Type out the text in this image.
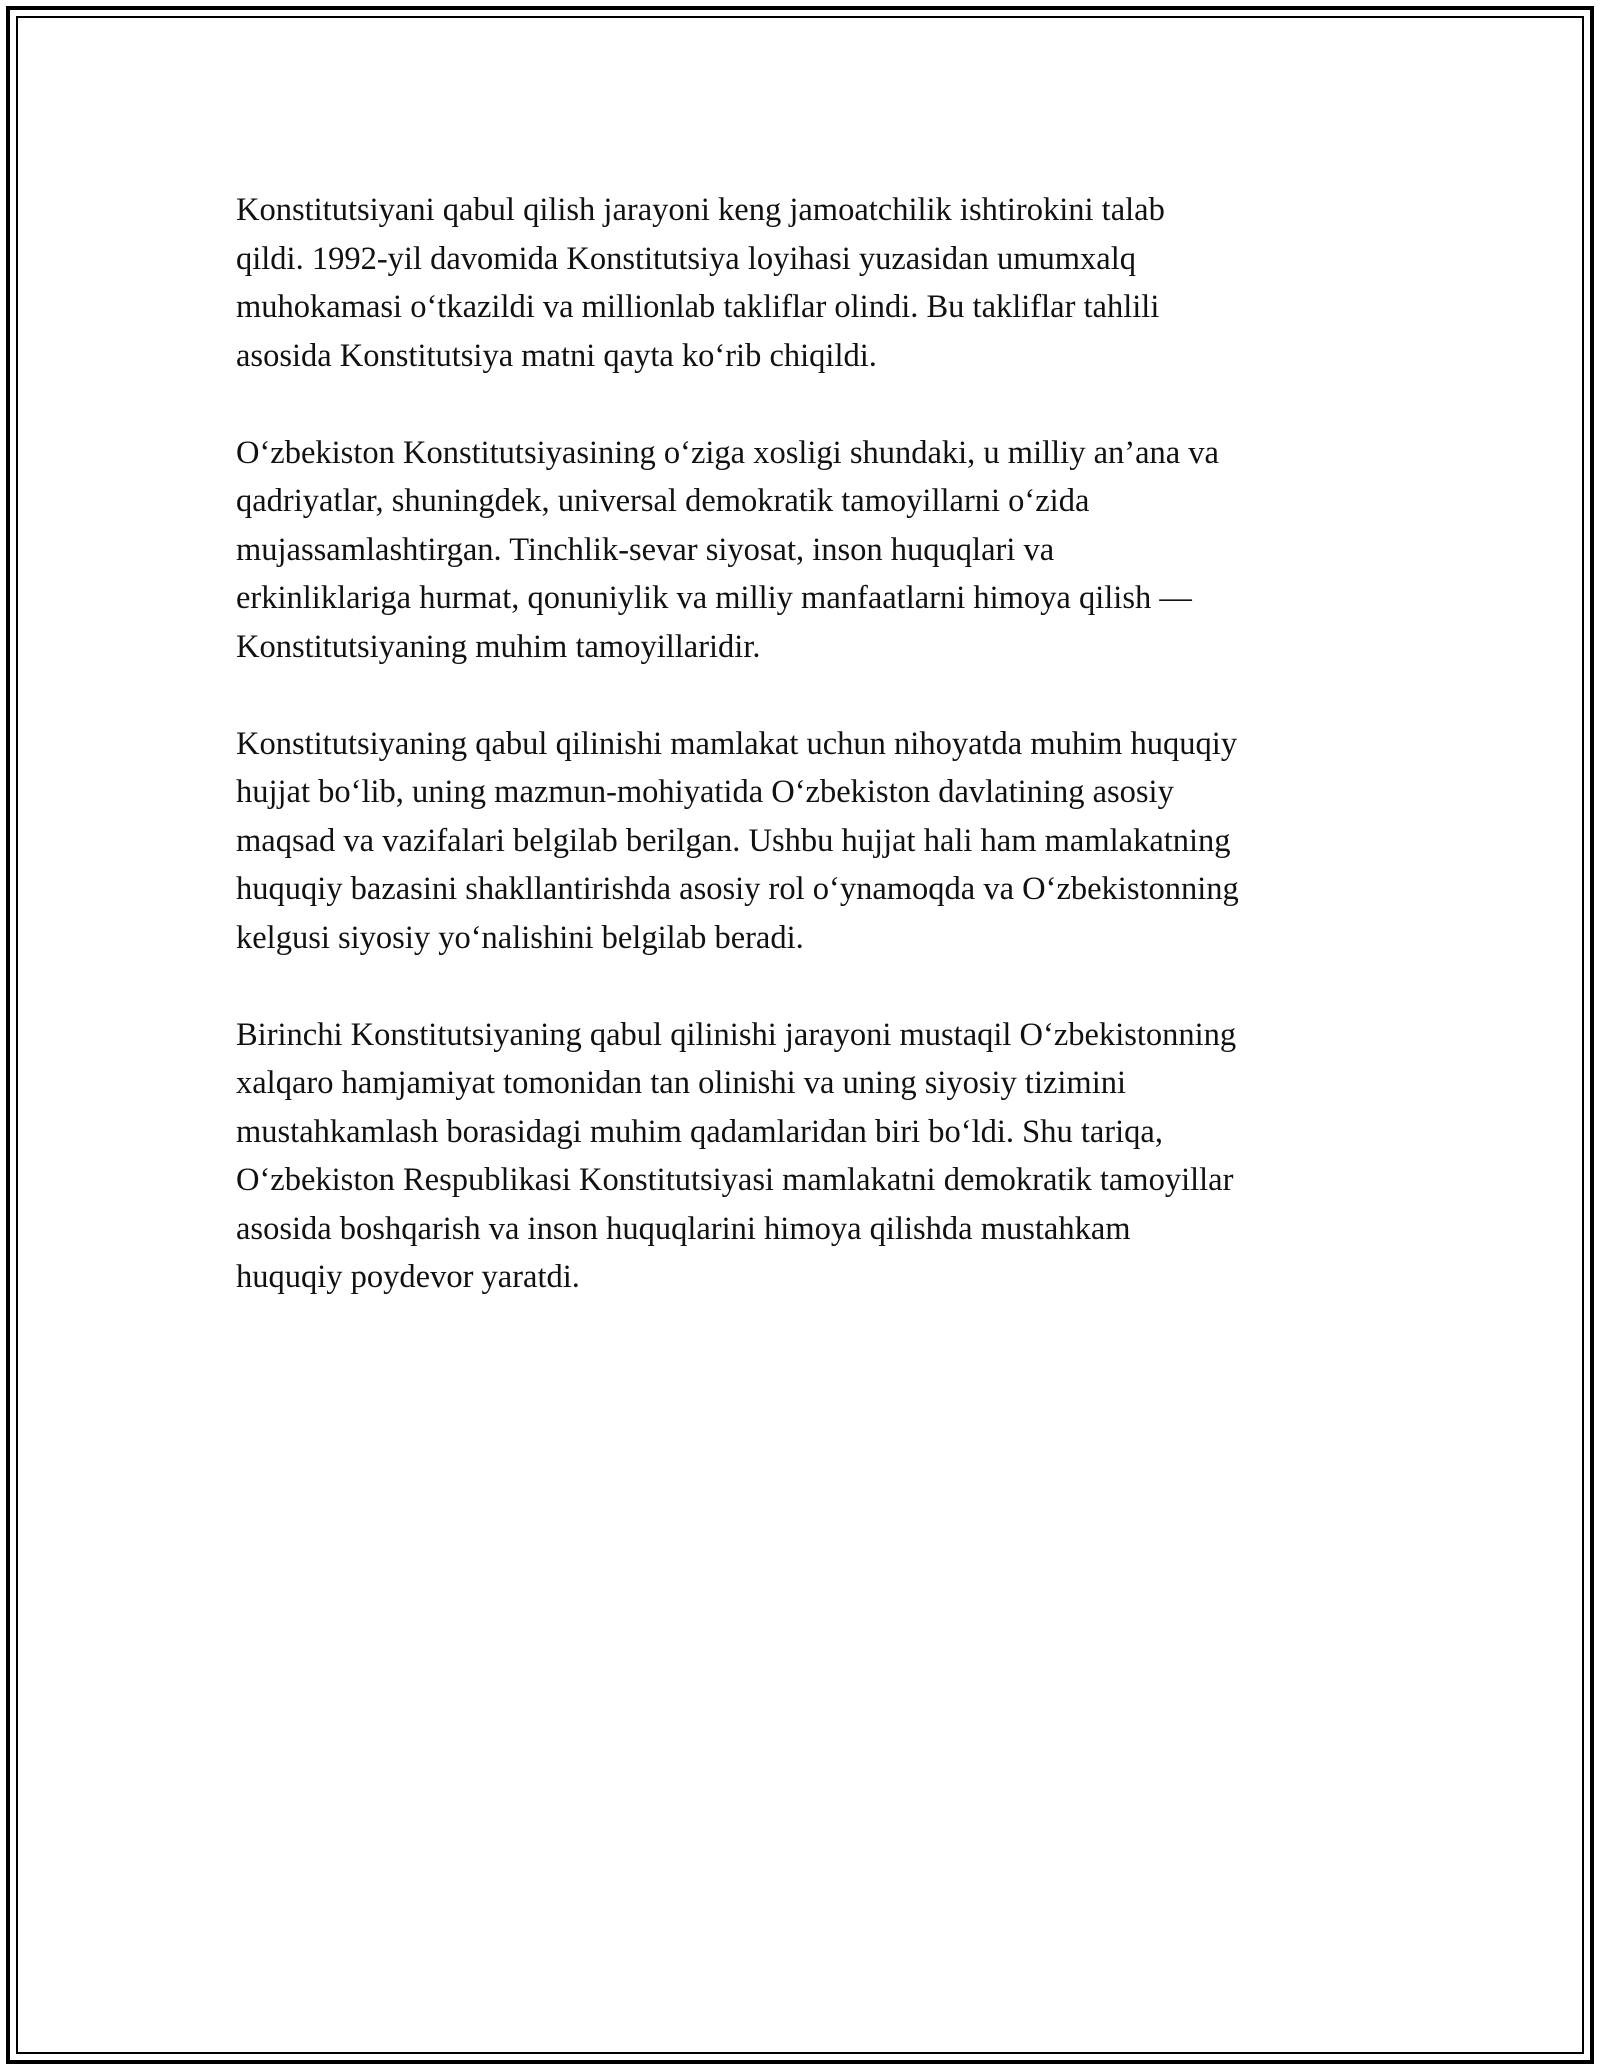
Konstitutsiyani qabul qilish jarayoni keng jamoatchilik ishtirokini talab
qildi. 1992-yil davomida Konstitutsiya loyihasi yuzasidan umumxalq
muhokamasi o‘tkazildi va millionlab takliflar olindi. Bu takliflar tahlili
asosida Konstitutsiya matni qayta ko‘rib chiqildi.

O‘zbekiston Konstitutsiyasining o‘ziga xosligi shundaki, u milliy an’ana va
qadriyatlar, shuningdek, universal demokratik tamoyillarni o‘zida
mujassamlashtirgan. Tinchlik-sevar siyosat, inson huquqlari va
erkinliklariga hurmat, qonuniylik va milliy manfaatlarni himoya qilish —
Konstitutsiyaning muhim tamoyillaridir.

Konstitutsiyaning qabul qilinishi mamlakat uchun nihoyatda muhim huquqiy
hujjat bo‘lib, uning mazmun-mohiyatida O‘zbekiston davlatining asosiy
maqsad va vazifalari belgilab berilgan. Ushbu hujjat hali ham mamlakatning
huquqiy bazasini shakllantirishda asosiy rol o‘ynamoqda va O‘zbekistonning
kelgusi siyosiy yo‘nalishini belgilab beradi.

Birinchi Konstitutsiyaning qabul qilinishi jarayoni mustaqil O‘zbekistonning
xalqaro hamjamiyat tomonidan tan olinishi va uning siyosiy tizimini
mustahkamlash borasidagi muhim qadamlaridan biri bo‘ldi. Shu tariqa,
O‘zbekiston Respublikasi Konstitutsiyasi mamlakatni demokratik tamoyillar
asosida boshqarish va inson huquqlarini himoya qilishda mustahkam
huquqiy poydevor yaratdi.
